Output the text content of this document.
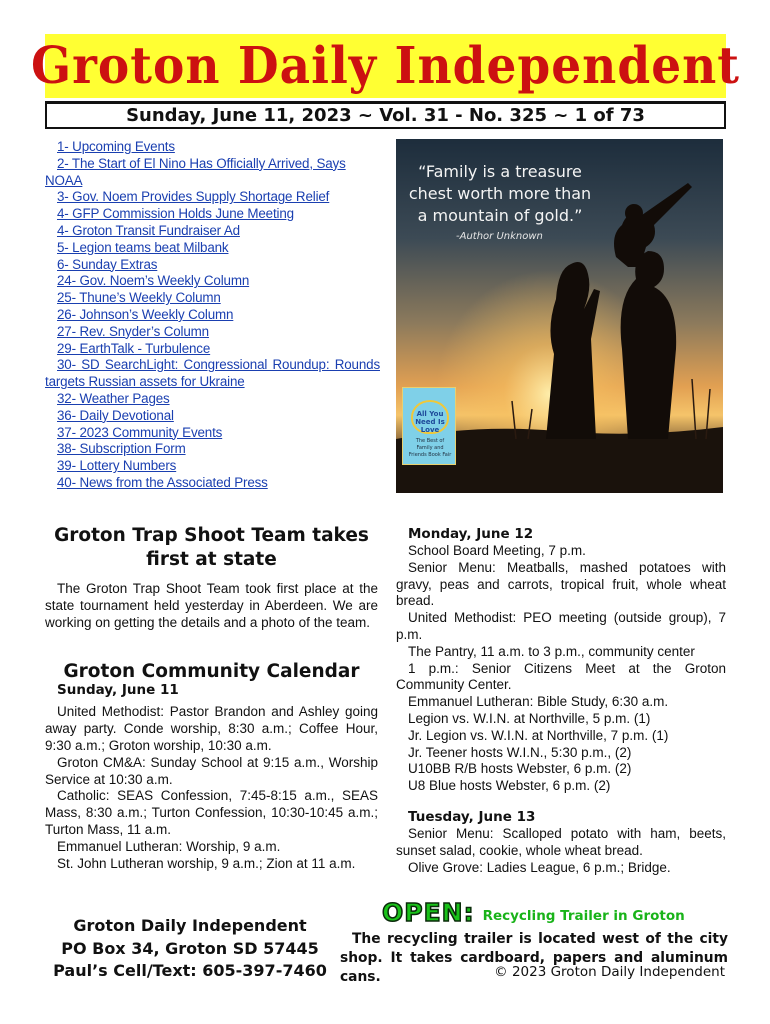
Groton Daily Independent
Sunday, June 11, 2023 ~ Vol. 31 - No. 325 ~ 1 of 73
1- Upcoming Events
2- The Start of El Nino Has Officially Arrived, Says NOAA
3- Gov. Noem Provides Supply Shortage Relief
4- GFP Commission Holds June Meeting
4- Groton Transit Fundraiser Ad
5- Legion teams beat Milbank
6- Sunday Extras
24- Gov. Noem’s Weekly Column
25- Thune’s Weekly Column
26- Johnson’s Weekly Column
27- Rev. Snyder’s Column
29- EarthTalk - Turbulence
30- SD SearchLight: Congressional Roundup: Rounds targets Russian assets for Ukraine
32- Weather Pages
36- Daily Devotional
37- 2023 Community Events
38- Subscription Form
39- Lottery Numbers
40- News from the Associated Press
“Family is a treasure chest worth more than a mountain of gold.”
-Author Unknown
All You Need Is Love
The Best of Family and Friends Book Fair
Groton Trap Shoot Team takes first at state

The Groton Trap Shoot Team took first place at the state tournament held yesterday in Aberdeen. We are working on getting the details and a photo of the team.

Groton Community Calendar
Sunday, June 11

United Methodist: Pastor Brandon and Ashley going away party. Conde worship, 8:30 a.m.; Coffee Hour, 9:30 a.m.; Groton worship, 10:30 a.m.

Groton CM&A: Sunday School at 9:15 a.m., Worship Service at 10:30 a.m.

Catholic: SEAS Confession, 7:45-8:15 a.m., SEAS Mass, 8:30 a.m.; Turton Confession, 10:30-10:45 a.m.; Turton Mass, 11 a.m.

Emmanuel Lutheran: Worship, 9 a.m.

St. John Lutheran worship, 9 a.m.; Zion at 11 a.m.

Monday, June 12

School Board Meeting, 7 p.m.

Senior Menu: Meatballs, mashed potatoes with gravy, peas and carrots, tropical fruit, whole wheat bread.

United Methodist: PEO meeting (outside group), 7 p.m.

The Pantry, 11 a.m. to 3 p.m., community center

1 p.m.: Senior Citizens Meet at the Groton Community Center.

Emmanuel Lutheran: Bible Study, 6:30 a.m.

Legion vs. W.I.N. at Northville, 5 p.m. (1)

Jr. Legion vs. W.I.N. at Northville, 7 p.m. (1)

Jr. Teener hosts W.I.N., 5:30 p.m., (2)

U10BB R/B hosts Webster, 6 p.m. (2)

U8 Blue hosts Webster, 6 p.m. (2)

Tuesday, June 13

Senior Menu: Scalloped potato with ham, beets, sunset salad, cookie, whole wheat bread.

Olive Grove: Ladies League, 6 p.m.; Bridge.

Groton Daily Independent
PO Box 34, Groton SD 57445
Paul’s Cell/Text: 605-397-7460
OPEN: Recycling Trailer in Groton
The recycling trailer is located west of the city shop. It takes cardboard, papers and aluminum cans.	© 2023 Groton Daily Independent
